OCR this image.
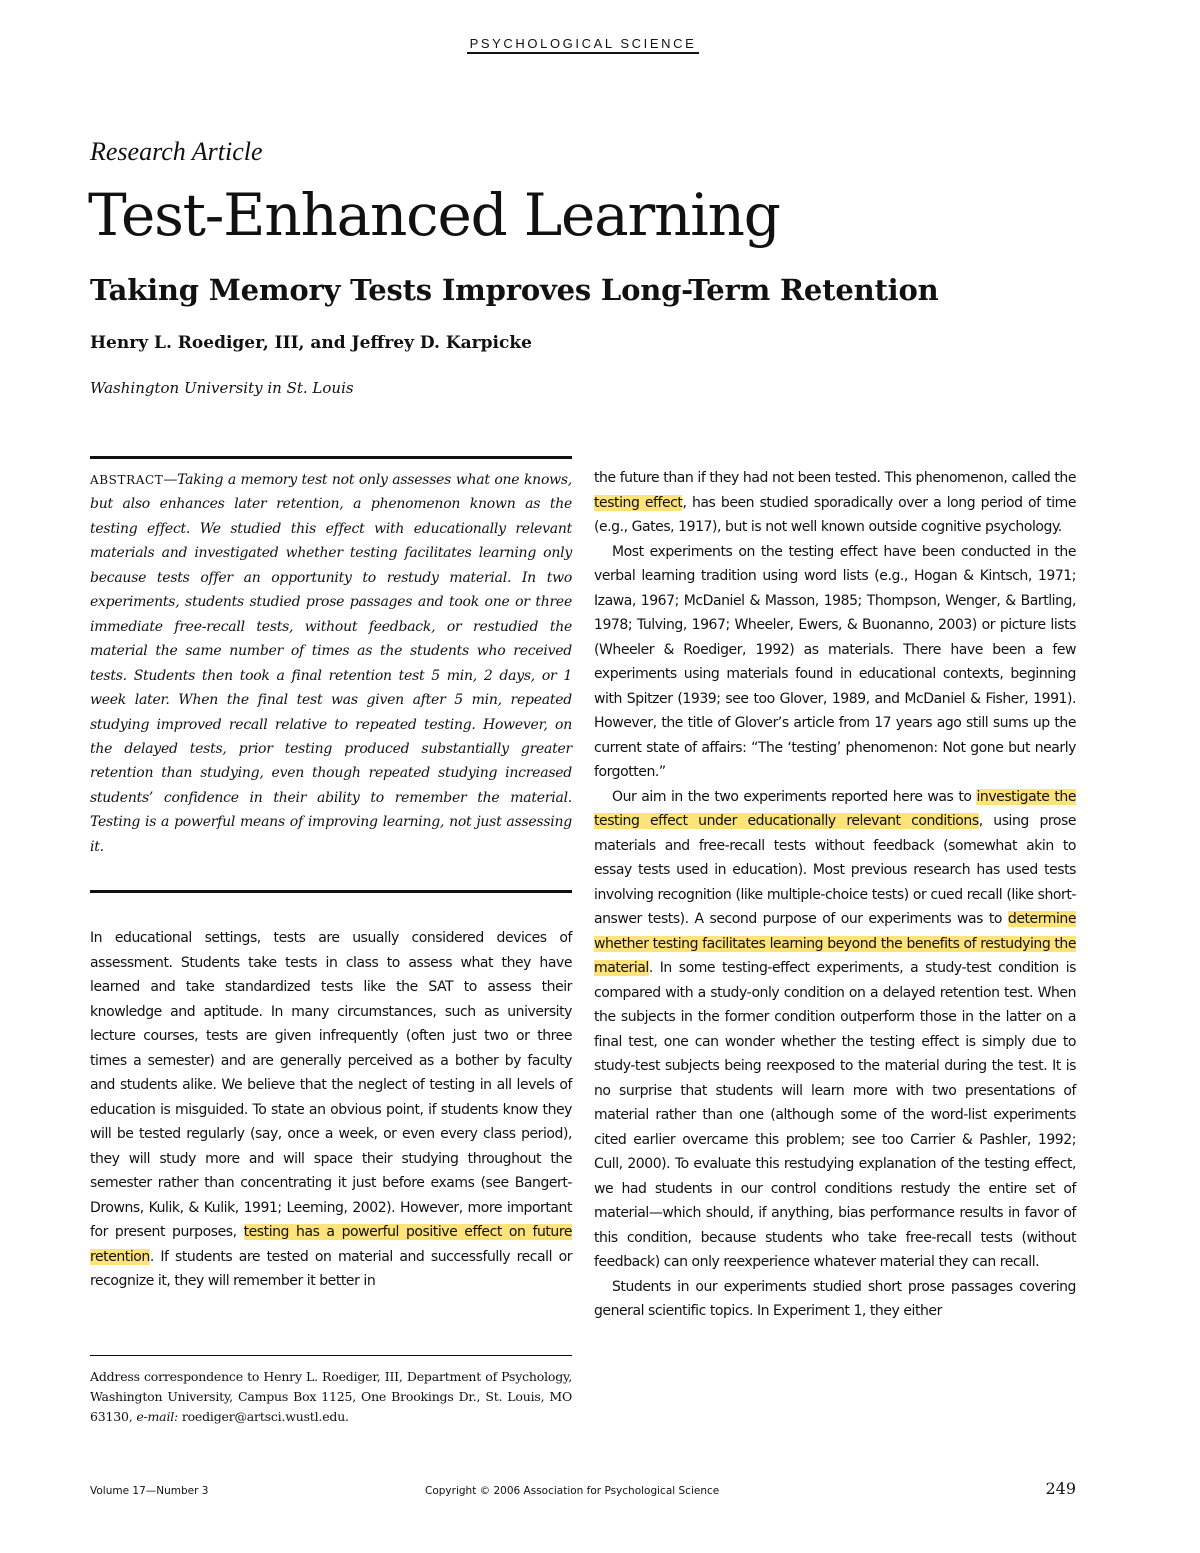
PSYCHOLOGICAL SCIENCE
Research Article
Test-Enhanced Learning
Taking Memory Tests Improves Long-Term Retention
Henry L. Roediger, III, and Jeffrey D. Karpicke
Washington University in St. Louis

ABSTRACT—Taking a memory test not only assesses what one knows, but also enhances later retention, a phenomenon known as the testing effect. We studied this effect with educationally relevant materials and investigated whether testing facilitates learning only because tests offer an opportunity to restudy material. In two experiments, students studied prose passages and took one or three immediate free-recall tests, without feedback, or restudied the material the same number of times as the students who received tests. Students then took a final retention test 5 min, 2 days, or 1 week later. When the final test was given after 5 min, repeated studying improved recall relative to repeated testing. However, on the delayed tests, prior testing produced substantially greater retention than studying, even though repeated studying increased students’ confidence in their ability to remember the material. Testing is a powerful means of improving learning, not just assessing it.

In educational settings, tests are usually considered devices of assessment. Students take tests in class to assess what they have learned and take standardized tests like the SAT to assess their knowledge and aptitude. In many circumstances, such as university lecture courses, tests are given infrequently (often just two or three times a semester) and are generally perceived as a bother by faculty and students alike. We believe that the neglect of testing in all levels of education is misguided. To state an obvious point, if students know they will be tested regularly (say, once a week, or even every class period), they will study more and will space their studying throughout the semester rather than concentrating it just before exams (see Bangert-Drowns, Kulik, & Kulik, 1991; Leeming, 2002). However, more important for present purposes, testing has a powerful positive effect on future retention. If students are tested on material and successfully recall or recognize it, they will remember it better in

Address correspondence to Henry L. Roediger, III, Department of Psychology, Washington University, Campus Box 1125, One Brookings Dr., St. Louis, MO 63130, e-mail: roediger@artsci.wustl.edu.

the future than if they had not been tested. This phenomenon, called the testing effect, has been studied sporadically over a long period of time (e.g., Gates, 1917), but is not well known outside cognitive psychology.

Most experiments on the testing effect have been conducted in the verbal learning tradition using word lists (e.g., Hogan & Kintsch, 1971; Izawa, 1967; McDaniel & Masson, 1985; Thompson, Wenger, & Bartling, 1978; Tulving, 1967; Wheeler, Ewers, & Buonanno, 2003) or picture lists (Wheeler & Roediger, 1992) as materials. There have been a few experiments using materials found in educational contexts, beginning with Spitzer (1939; see too Glover, 1989, and McDaniel & Fisher, 1991). However, the title of Glover’s article from 17 years ago still sums up the current state of affairs: “The ‘testing’ phenomenon: Not gone but nearly forgotten.”

Our aim in the two experiments reported here was to investigate the testing effect under educationally relevant conditions, using prose materials and free-recall tests without feedback (somewhat akin to essay tests used in education). Most previous research has used tests involving recognition (like multiple-choice tests) or cued recall (like short-answer tests). A second purpose of our experiments was to determine whether testing facilitates learning beyond the benefits of restudying the material. In some testing-effect experiments, a study-test condition is compared with a study-only condition on a delayed retention test. When the subjects in the former condition outperform those in the latter on a final test, one can wonder whether the testing effect is simply due to study-test subjects being reexposed to the material during the test. It is no surprise that students will learn more with two presentations of material rather than one (although some of the word-list experiments cited earlier overcame this problem; see too Carrier & Pashler, 1992; Cull, 2000). To evaluate this restudying explanation of the testing effect, we had students in our control conditions restudy the entire set of material—which should, if anything, bias performance results in favor of this condition, because students who take free-recall tests (without feedback) can only reexperience whatever material they can recall.

Students in our experiments studied short prose passages covering general scientific topics. In Experiment 1, they either

Volume 17—Number 3	Copyright © 2006 Association for Psychological Science	249
